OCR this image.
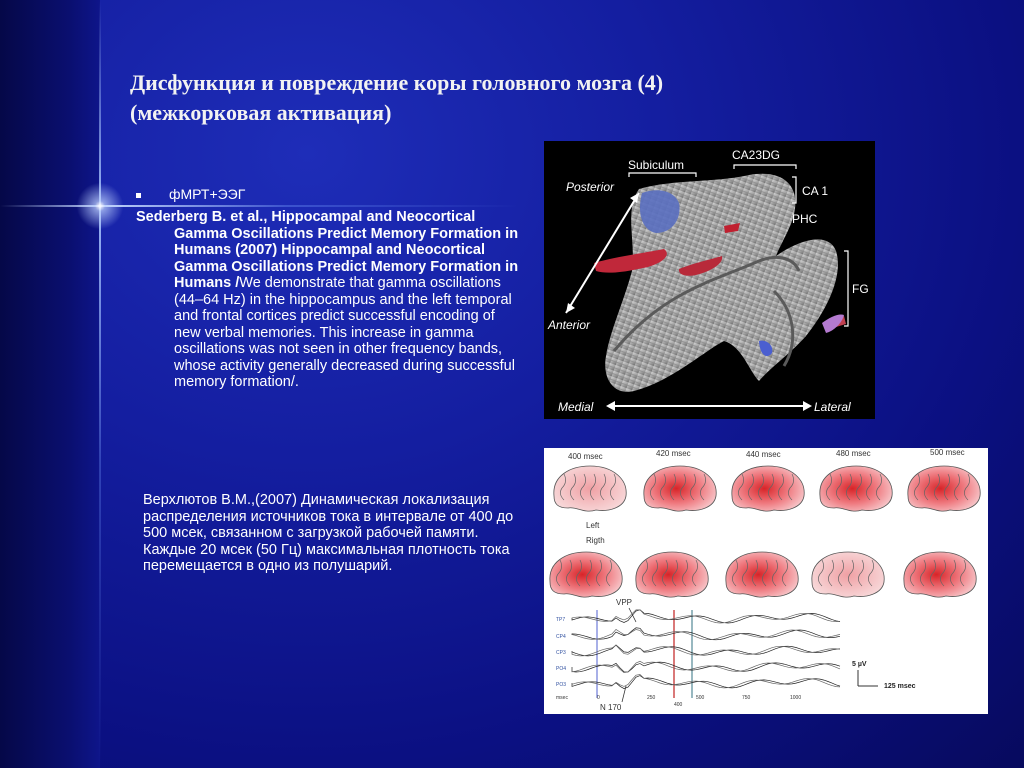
Дисфункция и повреждение коры головного мозга (4)
(межкорковая активация)
фМРТ+ЭЭГ
Sederberg B. et al., Hippocampal and Neocortical Gamma Oscillations Predict Memory Formation in Humans (2007) Hippocampal and Neocortical Gamma Oscillations Predict Memory Formation in Humans /We demonstrate that gamma oscillations (44–64 Hz) in the hippocampus and the left temporal and frontal cortices predict successful encoding of new verbal memories. This increase in gamma oscillations was not seen in other frequency bands, whose activity generally decreased during successful memory formation/.
Верхлютов В.М.,(2007) Динамическая локализация распределения источников тока в интервале от 400 до 500 мсек, связанном с загрузкой рабочей памяти. Каждые 20 мсек (50 Гц) максимальная плотность тока перемещается в одно из полушарий.
Subiculum
CA23DG
CA 1
PHC
FG
Posterior
Anterior
Medial	Lateral
400 msec	420 msec	440 msec	480 msec	500 msec
Left
Rigth
VPP
TP7
CP4
CP3
PO4
PO3
msec	0	250
400
500	750	1000
N 170
5 µV
125 msec
